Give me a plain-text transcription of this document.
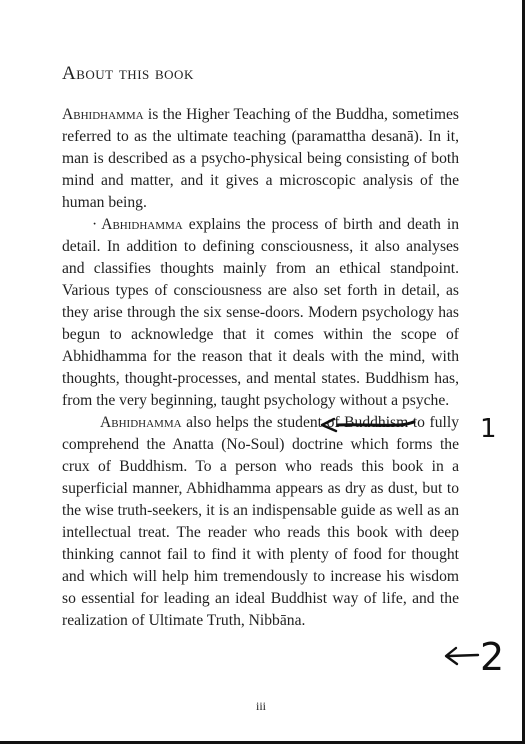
About this book

Abhidhamma is the Higher Teaching of the Buddha, sometimes referred to as the ultimate teaching (paramattha desanā). In it, man is described as a psycho-physical being consisting of both mind and matter, and it gives a microscopic analysis of the human being.

· Abhidhamma explains the process of birth and death in detail. In addition to defining consciousness, it also analyses and classifies thoughts mainly from an ethical standpoint. Various types of consciousness are also set forth in detail, as they arise through the six sense-doors. Modern psychology has begun to acknowledge that it comes within the scope of Abhidhamma for the reason that it deals with the mind, with thoughts, thought-processes, and mental states. Buddhism has, from the very beginning, taught psychology without a psyche.

Abhidhamma also helps the student of Buddhism to fully comprehend the Anatta (No-Soul) doctrine which forms the crux of Buddhism. To a person who reads this book in a superficial manner, Abhidhamma appears as dry as dust, but to the wise truth-seekers, it is an indispensable guide as well as an intellectual treat. The reader who reads this book with deep thinking cannot fail to find it with plenty of food for thought and which will help him tremendously to increase his wisdom so essential for leading an ideal Buddhist way of life, and the realization of Ultimate Truth, Nibbāna.

iii
1
2
